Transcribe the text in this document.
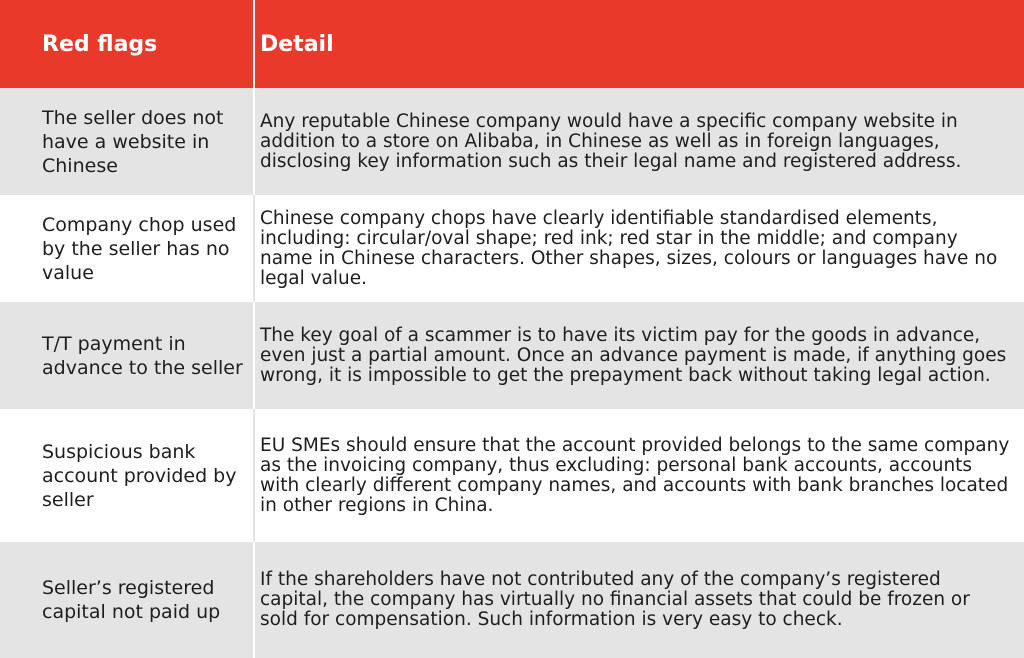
Red flags	Detail
The seller does not have a website in Chinese
Any reputable Chinese company would have a specific company website in addition to a store on Alibaba, in Chinese as well as in foreign languages, disclosing key information such as their legal name and registered address.
Company chop used by the seller has no value
Chinese company chops have clearly identifiable standardised elements, including: circular/oval shape; red ink; red star in the middle; and company name in Chinese characters. Other shapes, sizes, colours or languages have no legal value.
T/T payment in advance to the seller
The key goal of a scammer is to have its victim pay for the goods in advance, even just a partial amount. Once an advance payment is made, if anything goes wrong, it is impossible to get the prepayment back without taking legal action.
Suspicious bank account provided by seller
EU SMEs should ensure that the account provided belongs to the same company as the invoicing company, thus excluding: personal bank accounts, accounts with clearly different company names, and accounts with bank branches located in other regions in China.
Seller’s registered capital not paid up
If the shareholders have not contributed any of the company’s registered capital, the company has virtually no financial assets that could be frozen or sold for compensation. Such information is very easy to check.
